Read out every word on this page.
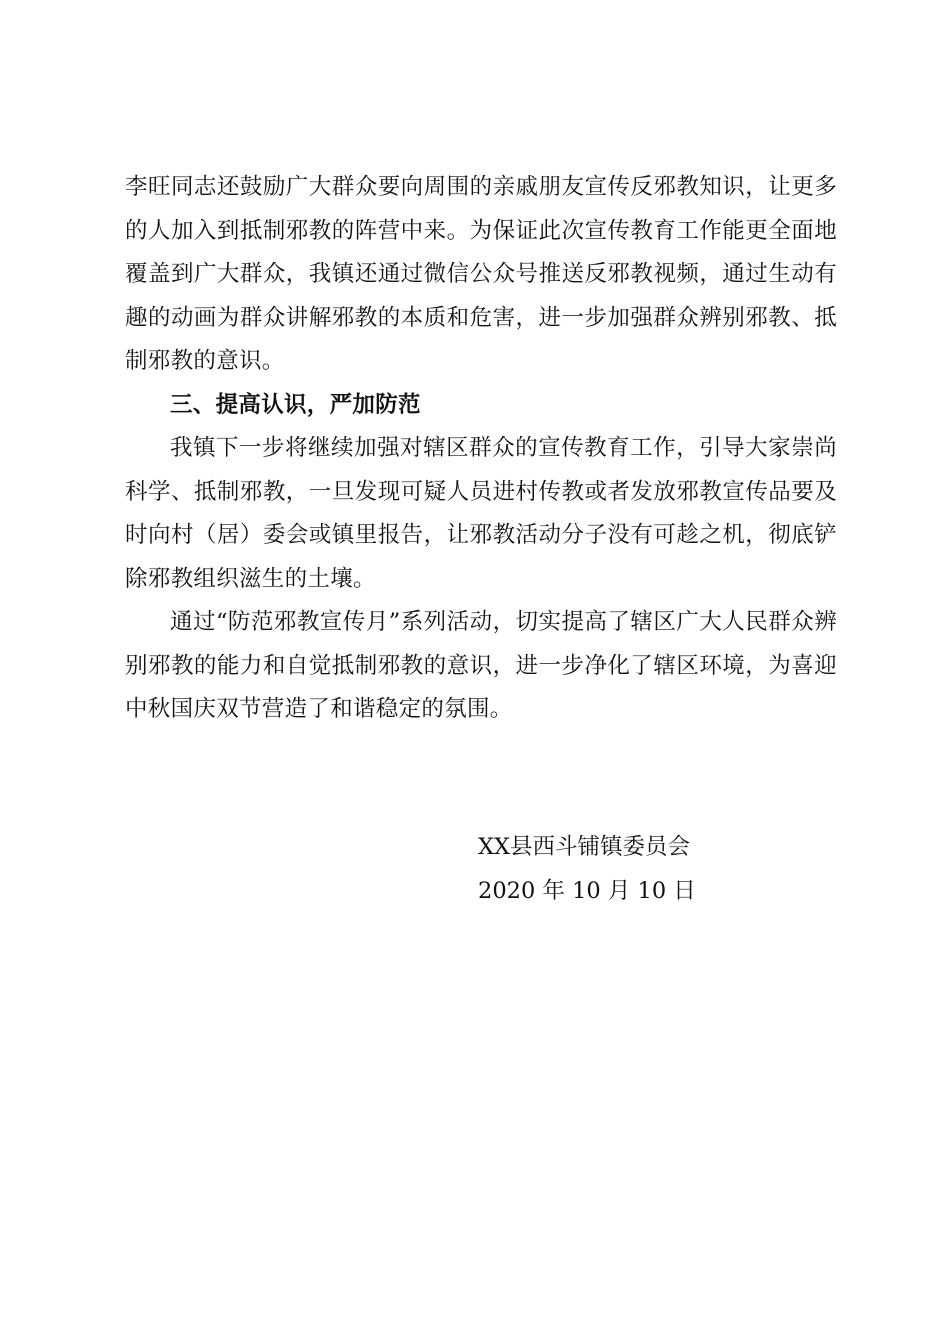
李旺同志还鼓励广大群众要向周围的亲戚朋友宣传反邪教知识，让更多的人加入到抵制邪教的阵营中来。为保证此次宣传教育工作能更全面地覆盖到广大群众，我镇还通过微信公众号推送反邪教视频，通过生动有趣的动画为群众讲解邪教的本质和危害，进一步加强群众辨别邪教、抵制邪教的意识。

三、提高认识，严加防范

我镇下一步将继续加强对辖区群众的宣传教育工作，引导大家崇尚科学、抵制邪教，一旦发现可疑人员进村传教或者发放邪教宣传品要及时向村（居）委会或镇里报告，让邪教活动分子没有可趁之机，彻底铲除邪教组织滋生的土壤。

通过“防范邪教宣传月”系列活动，切实提高了辖区广大人民群众辨别邪教的能力和自觉抵制邪教的意识，进一步净化了辖区环境，为喜迎中秋国庆双节营造了和谐稳定的氛围。

XX县西斗铺镇委员会
2020 年 10 月 10 日
